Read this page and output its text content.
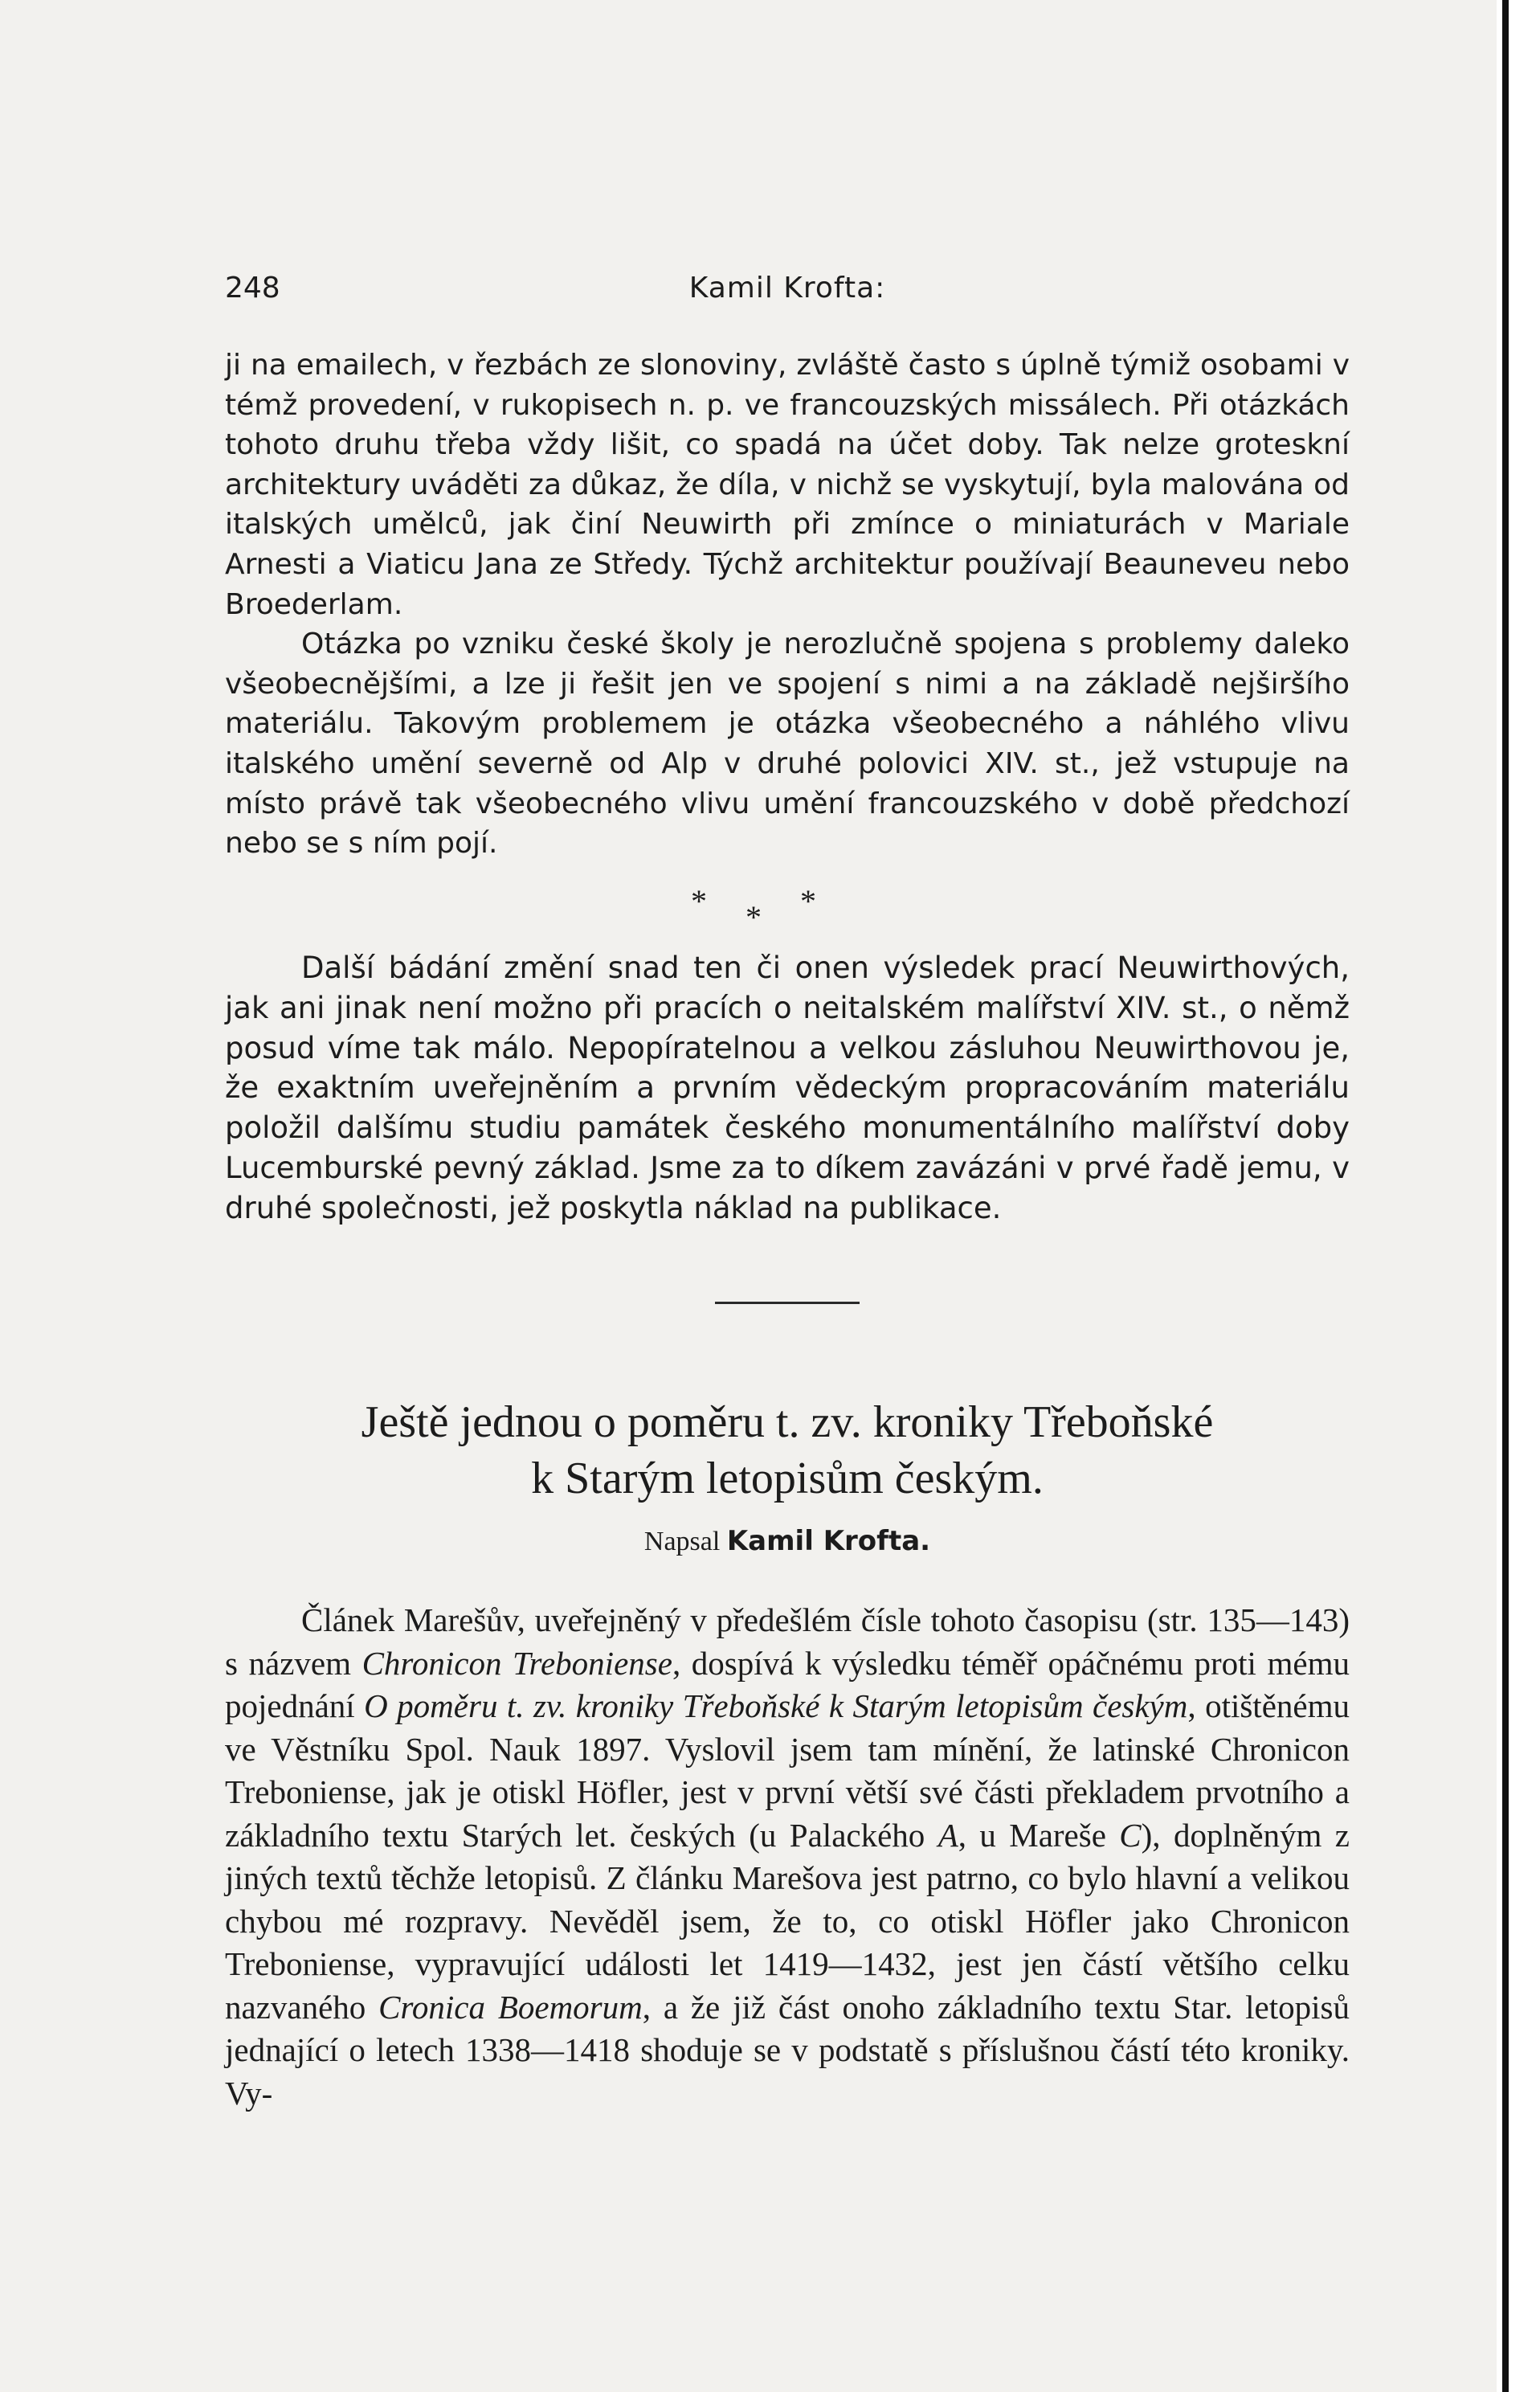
248	Kamil Krofta:

ji na emailech, v řezbách ze slonoviny, zvláště často s úplně týmiž osobami v témž provedení, v rukopisech n. p. ve francouzských missálech. Při otázkách tohoto druhu třeba vždy lišit, co spadá na účet doby. Tak nelze groteskní architektury uváděti za důkaz, že díla, v nichž se vyskytují, byla malována od italských umělců, jak činí Neuwirth při zmínce o miniaturách v Mariale Arnesti a Viaticu Jana ze Středy. Týchž architektur používají Beauneveu nebo Broederlam.

Otázka po vzniku české školy je nerozlučně spojena s problemy daleko všeobecnějšími, a lze ji řešit jen ve spojení s nimi a na základě nejširšího materiálu. Takovým problemem je otázka všeobecného a náhlého vlivu italského umění severně od Alp v druhé polovici XIV. st., jež vstupuje na místo právě tak všeobecného vlivu umění francouzského v době předchozí nebo se s ním pojí.

* * *

Další bádání změní snad ten či onen výsledek prací Neuwirthových, jak ani jinak není možno při pracích o neitalském malířství XIV. st., o němž posud víme tak málo. Nepopíratelnou a velkou zásluhou Neuwirthovou je, že exaktním uveřejněním a prvním vědeckým propracováním materiálu položil dalšímu studiu památek českého monumentálního malířství doby Lucemburské pevný základ. Jsme za to díkem zavázáni v prvé řadě jemu, v druhé společnosti, jež poskytla náklad na publikace.

Ještě jednou o poměru t. zv. kroniky Třeboňské
k Starým letopisům českým.
Napsal Kamil Krofta.

Článek Marešův, uveřejněný v předešlém čísle tohoto časopisu (str. 135—143) s názvem Chronicon Treboniense, dospívá k výsledku téměř opáčnému proti mému pojednání O poměru t. zv. kroniky Třeboňské k Starým letopisům českým, otištěnému ve Věstníku Spol. Nauk 1897. Vyslovil jsem tam mínění, že latinské Chronicon Treboniense, jak je otiskl Höfler, jest v první větší své části překladem prvotního a základního textu Starých let. českých (u Palackého A, u Mareše C), doplněným z jiných textů těchže letopisů. Z článku Marešova jest patrno, co bylo hlavní a velikou chybou mé rozpravy. Nevěděl jsem, že to, co otiskl Höfler jako Chronicon Treboniense, vypravující události let 1419—1432, jest jen částí většího celku nazvaného Cronica Boemorum, a že již část onoho základního textu Star. letopisů jednající o letech 1338—1418 shoduje se v podstatě s příslušnou částí této kroniky. Vy-
